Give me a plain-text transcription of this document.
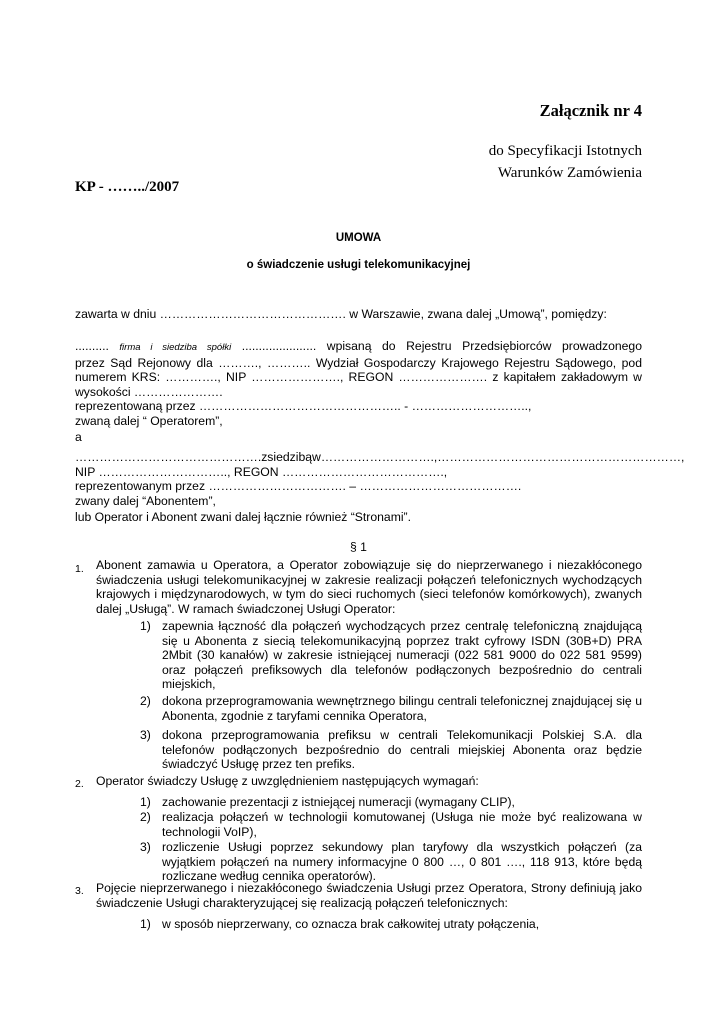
Załącznik nr 4
do Specyfikacji Istotnych
Warunków Zamówienia
KP - ……../2007
UMOWA
o świadczenie usługi telekomunikacyjnej
zawarta w dniu ………………………………………. w Warszawie, zwana dalej „Umową”, pomiędzy:
.......... firma i siedziba spółki ...................... wpisaną do Rejestru Przedsiębiorców prowadzonego
przez Sąd Rejonowy dla ………., ……….. Wydział Gospodarczy Krajowego Rejestru Sądowego, pod
numerem KRS: …………., NIP …………………., REGON …………………. z kapitałem zakładowym w
wysokości ………………….
reprezentowaną przez ………………………………………….. - ………………………..,
zwaną dalej “ Operatorem”,
a
………………………………………. z siedzibą w ………………………., ……………………………………………………,
NIP ………………………….., REGON ………………………………….,
reprezentowanym przez ……………………………. – ………………………………….
zwany dalej “Abonentem”,
lub Operator i Abonent zwani dalej łącznie również “Stronami”.
§ 1
1. Abonent zamawia u Operatora, a Operator zobowiązuje się do nieprzerwanego i niezakłóconego świadczenia usługi telekomunikacyjnej w zakresie realizacji połączeń telefonicznych wychodzących krajowych i międzynarodowych, w tym do sieci ruchomych (sieci telefonów komórkowych), zwanych dalej „Usługą”. W ramach świadczonej Usługi Operator:
1) zapewnia łączność dla połączeń wychodzących przez centralę telefoniczną znajdującą się u Abonenta z siecią telekomunikacyjną poprzez trakt cyfrowy ISDN (30B+D) PRA 2Mbit (30 kanałów) w zakresie istniejącej numeracji (022 581 9000 do 022 581 9599) oraz połączeń prefiksowych dla telefonów podłączonych bezpośrednio do centrali miejskich,
2) dokona przeprogramowania wewnętrznego bilingu centrali telefonicznej znajdującej się u Abonenta, zgodnie z taryfami cennika Operatora,
3) dokona przeprogramowania prefiksu w centrali Telekomunikacji Polskiej S.A. dla telefonów podłączonych bezpośrednio do centrali miejskiej Abonenta oraz będzie świadczyć Usługę przez ten prefiks.
2. Operator świadczy Usługę z uwzględnieniem następujących wymagań:
1) zachowanie prezentacji z istniejącej numeracji (wymagany CLIP),
2) realizacja połączeń w technologii komutowanej (Usługa nie może być realizowana w technologii VoIP),
3) rozliczenie Usługi poprzez sekundowy plan taryfowy dla wszystkich połączeń (za wyjątkiem połączeń na numery informacyjne 0 800 …, 0 801 …., 118 913, które będą rozliczane według cennika operatorów).
3. Pojęcie nieprzerwanego i niezakłóconego świadczenia Usługi przez Operatora, Strony definiują jako świadczenie Usługi charakteryzującej się realizacją połączeń telefonicznych:
1) w sposób nieprzerwany, co oznacza brak całkowitej utraty połączenia,
